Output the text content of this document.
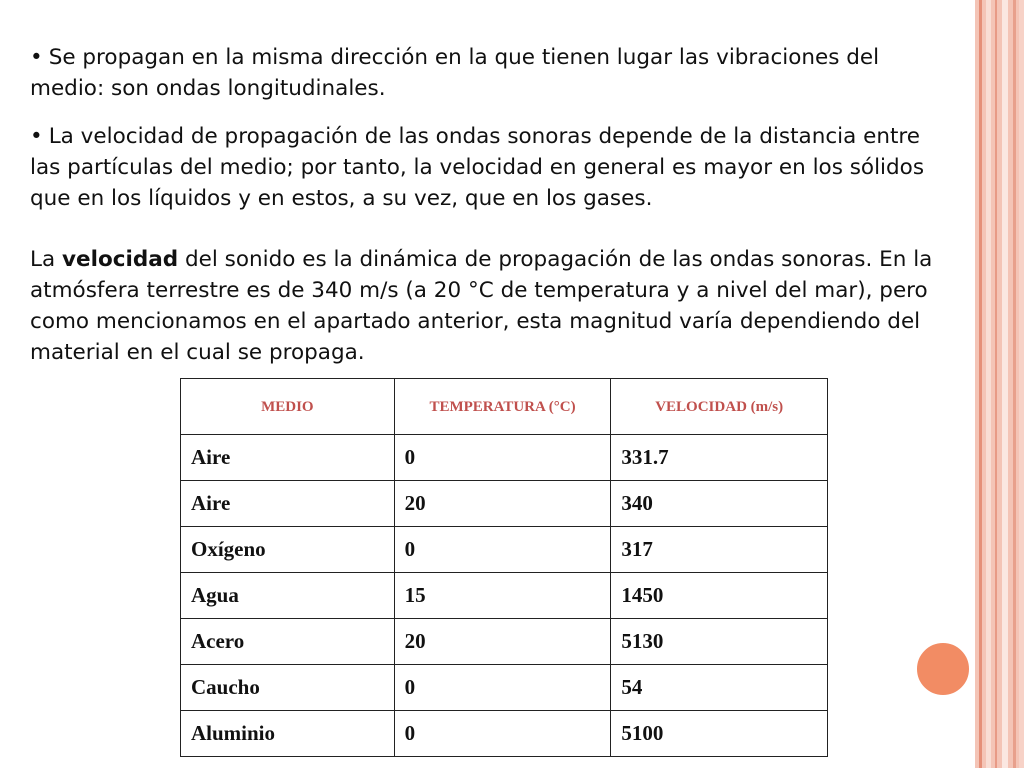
• Se propagan en la misma dirección en la que tienen lugar las vibraciones del medio: son ondas longitudinales.

• La velocidad de propagación de las ondas sonoras depende de la distancia entre las partículas del medio; por tanto, la velocidad en general es mayor en los sólidos que en los líquidos y en estos, a su vez, que en los gases.

La velocidad del sonido es la dinámica de propagación de las ondas sonoras. En la atmósfera terrestre es de 340 m/s (a 20 °C de temperatura y a nivel del mar), pero como mencionamos en el apartado anterior, esta magnitud varía dependiendo del material en el cual se propaga.

MEDIO	TEMPERATURA (°C)	VELOCIDAD (m/s)
Aire	0	331.7
Aire	20	340
Oxígeno	0	317
Agua	15	1450
Acero	20	5130
Caucho	0	54
Aluminio	0	5100
